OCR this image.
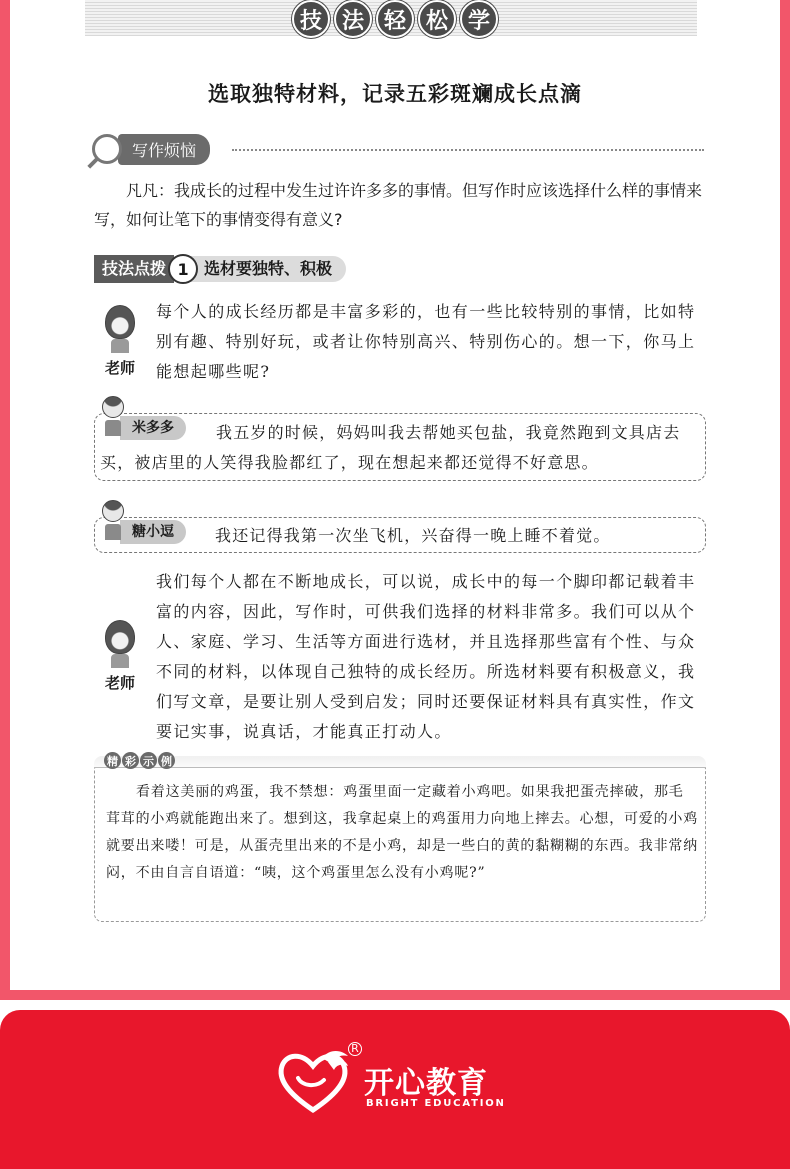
技 法 轻 松 学
选取独特材料，记录五彩斑斓成长点滴
写作烦恼
凡凡：我成长的过程中发生过许许多多的事情。但写作时应该选择什么样的事情来写，如何让笔下的事情变得有意义?
技法点拨 1 选材要独特、积极
老师
每个人的成长经历都是丰富多彩的，也有一些比较特别的事情，比如特别有趣、特别好玩，或者让你特别高兴、特别伤心的。想一下，你马上能想起哪些呢?
米多多	我五岁的时候，妈妈叫我去帮她买包盐，我竟然跑到文具店去买，被店里的人笑得我脸都红了，现在想起来都还觉得不好意思。
糖小逗	我还记得我第一次坐飞机，兴奋得一晚上睡不着觉。
老师
我们每个人都在不断地成长，可以说，成长中的每一个脚印都记载着丰富的内容，因此，写作时，可供我们选择的材料非常多。我们可以从个人、家庭、学习、生活等方面进行选材，并且选择那些富有个性、与众不同的材料，以体现自己独特的成长经历。所选材料要有积极意义，我们写文章，是要让别人受到启发；同时还要保证材料具有真实性，作文要记实事，说真话，才能真正打动人。
精 彩 示 例
看着这美丽的鸡蛋，我不禁想：鸡蛋里面一定藏着小鸡吧。如果我把蛋壳摔破，那毛茸茸的小鸡就能跑出来了。想到这，我拿起桌上的鸡蛋用力向地上摔去。心想，可爱的小鸡就要出来喽！可是，从蛋壳里出来的不是小鸡，却是一些白的黄的黏糊糊的东西。我非常纳闷，不由自言自语道：“咦，这个鸡蛋里怎么没有小鸡呢?”
R
开心教育
BRIGHT EDUCATION
